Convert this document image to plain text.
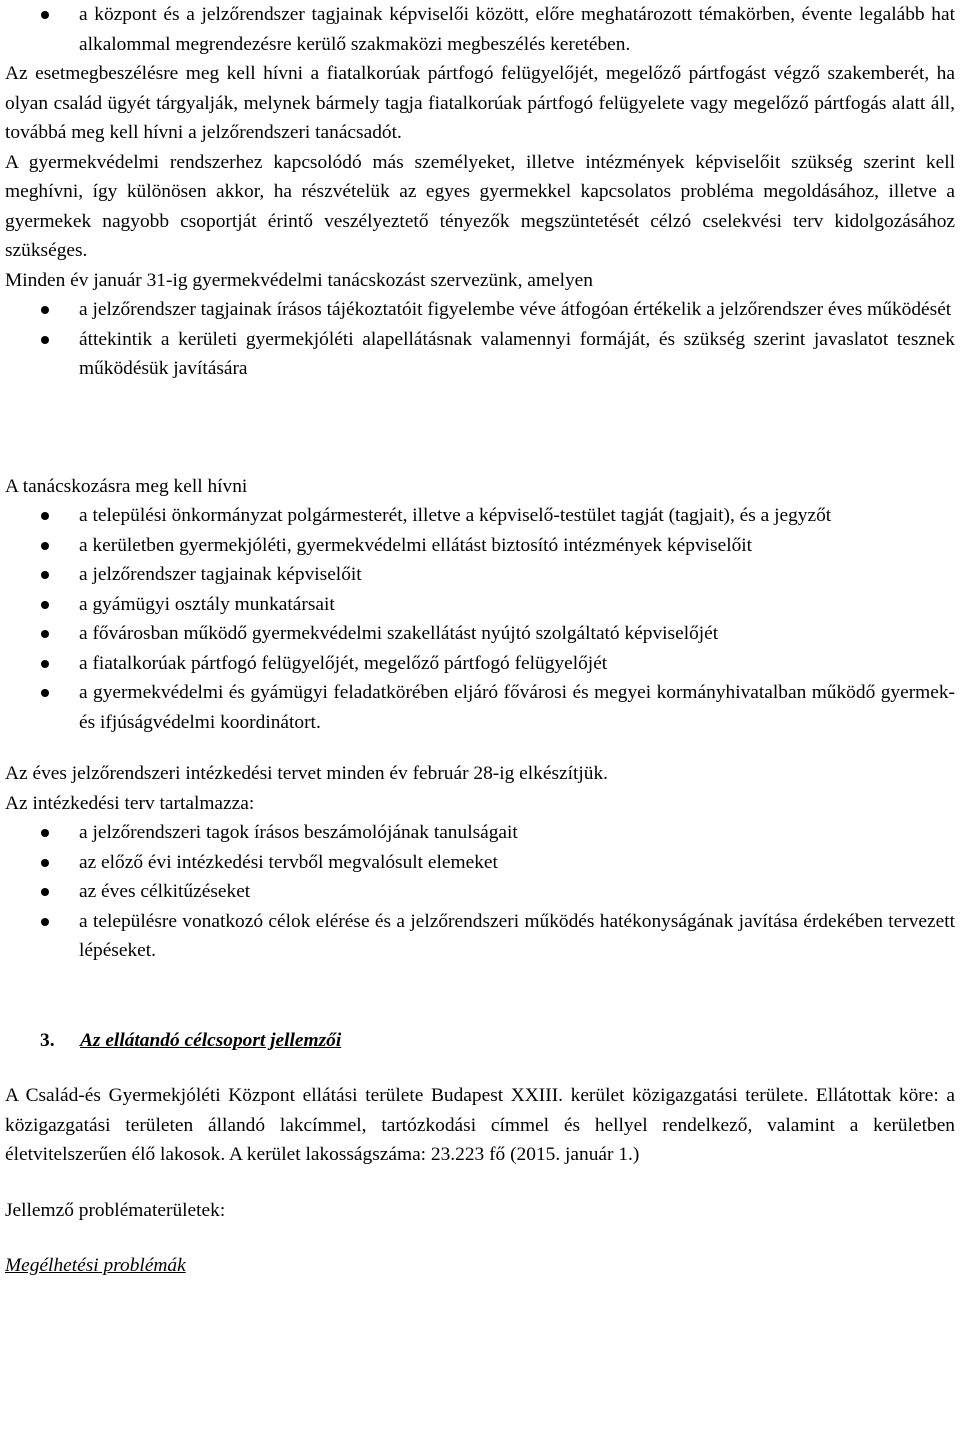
a központ és a jelzőrendszer tagjainak képviselői között, előre meghatározott témakörben, évente legalább hat alkalommal megrendezésre kerülő szakmaközi megbeszélés keretében.

Az esetmegbeszélésre meg kell hívni a fiatalkorúak pártfogó felügyelőjét, megelőző pártfogást végző szakemberét, ha olyan család ügyét tárgyalják, melynek bármely tagja fiatalkorúak pártfogó felügyelete vagy megelőző pártfogás alatt áll, továbbá meg kell hívni a jelzőrendszeri tanácsadót.

A gyermekvédelmi rendszerhez kapcsolódó más személyeket, illetve intézmények képviselőit szükség szerint kell meghívni, így különösen akkor, ha részvételük az egyes gyermekkel kapcsolatos probléma megoldásához, illetve a gyermekek nagyobb csoportját érintő veszélyeztető tényezők megszüntetését célzó cselekvési terv kidolgozásához szükséges.

Minden év január 31-ig gyermekvédelmi tanácskozást szervezünk, amelyen

a jelzőrendszer tagjainak írásos tájékoztatóit figyelembe véve átfogóan értékelik a jelzőrendszer éves működését
áttekintik a kerületi gyermekjóléti alapellátásnak valamennyi formáját, és szükség szerint javaslatot tesznek működésük javítására

A tanácskozásra meg kell hívni

a települési önkormányzat polgármesterét, illetve a képviselő-testület tagját (tagjait), és a jegyzőt
a kerületben gyermekjóléti, gyermekvédelmi ellátást biztosító intézmények képviselőit
a jelzőrendszer tagjainak képviselőit
a gyámügyi osztály munkatársait
a fővárosban működő gyermekvédelmi szakellátást nyújtó szolgáltató képviselőjét
a fiatalkorúak pártfogó felügyelőjét, megelőző pártfogó felügyelőjét
a gyermekvédelmi és gyámügyi feladatkörében eljáró fővárosi és megyei kormányhivatalban működő gyermek- és ifjúságvédelmi koordinátort.

Az éves jelzőrendszeri intézkedési tervet minden év február 28-ig elkészítjük.

Az intézkedési terv tartalmazza:

a jelzőrendszeri tagok írásos beszámolójának tanulságait
az előző évi intézkedési tervből megvalósult elemeket
az éves célkitűzéseket
a településre vonatkozó célok elérése és a jelzőrendszeri működés hatékonyságának javítása érdekében tervezett lépéseket.

3. Az ellátandó célcsoport jellemzői

A Család-és Gyermekjóléti Központ ellátási területe Budapest XXIII. kerület közigazgatási területe. Ellátottak köre: a közigazgatási területen állandó lakcímmel, tartózkodási címmel és hellyel rendelkező, valamint a kerületben életvitelszerűen élő lakosok. A kerület lakosságszáma: 23.223 fő (2015. január 1.)

Jellemző problématerületek:

Megélhetési problémák
